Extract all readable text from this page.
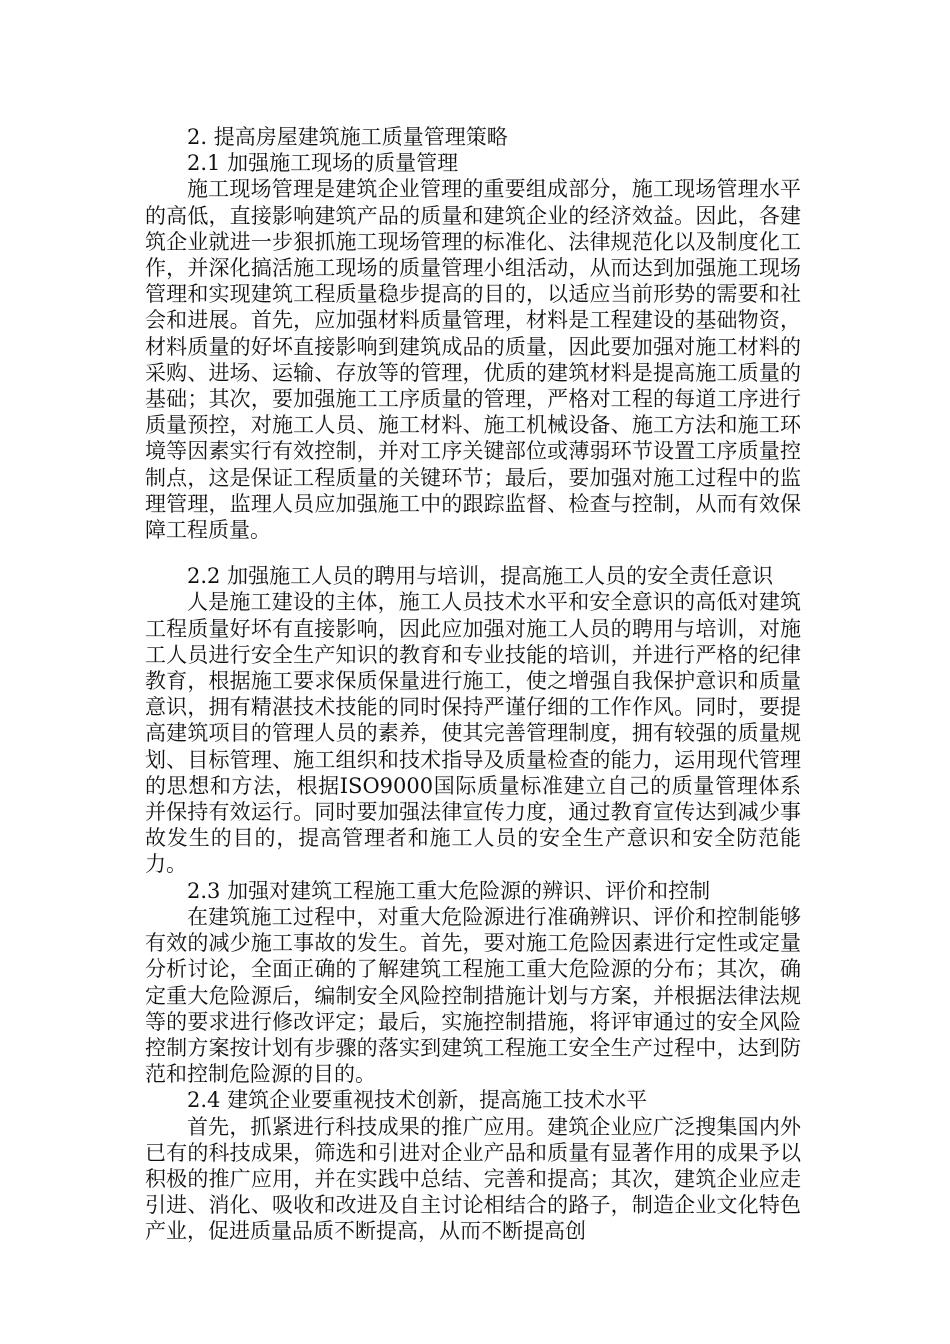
2. 提高房屋建筑施工质量管理策略

2.1 加强施工现场的质量管理

施工现场管理是建筑企业管理的重要组成部分，施工现场管理水平的高低，直接影响建筑产品的质量和建筑企业的经济效益。因此，各建筑企业就进一步狠抓施工现场管理的标准化、法律规范化以及制度化工作，并深化搞活施工现场的质量管理小组活动，从而达到加强施工现场管理和实现建筑工程质量稳步提高的目的，以适应当前形势的需要和社会和进展。首先，应加强材料质量管理，材料是工程建设的基础物资，材料质量的好坏直接影响到建筑成品的质量，因此要加强对施工材料的采购、进场、运输、存放等的管理，优质的建筑材料是提高施工质量的基础；其次，要加强施工工序质量的管理，严格对工程的每道工序进行质量预控，对施工人员、施工材料、施工机械设备、施工方法和施工环境等因素实行有效控制，并对工序关键部位或薄弱环节设置工序质量控制点，这是保证工程质量的关键环节；最后，要加强对施工过程中的监理管理，监理人员应加强施工中的跟踪监督、检查与控制，从而有效保障工程质量。

2.2 加强施工人员的聘用与培训，提高施工人员的安全责任意识

人是施工建设的主体，施工人员技术水平和安全意识的高低对建筑工程质量好坏有直接影响，因此应加强对施工人员的聘用与培训，对施工人员进行安全生产知识的教育和专业技能的培训，并进行严格的纪律教育，根据施工要求保质保量进行施工，使之增强自我保护意识和质量意识，拥有精湛技术技能的同时保持严谨仔细的工作作风。同时，要提高建筑项目的管理人员的素养，使其完善管理制度，拥有较强的质量规划、目标管理、施工组织和技术指导及质量检查的能力，运用现代管理的思想和方法，根据ISO9000国际质量标准建立自己的质量管理体系并保持有效运行。同时要加强法律宣传力度，通过教育宣传达到减少事故发生的目的，提高管理者和施工人员的安全生产意识和安全防范能力。

2.3 加强对建筑工程施工重大危险源的辨识、评价和控制

在建筑施工过程中，对重大危险源进行准确辨识、评价和控制能够有效的减少施工事故的发生。首先，要对施工危险因素进行定性或定量分析讨论，全面正确的了解建筑工程施工重大危险源的分布；其次，确定重大危险源后，编制安全风险控制措施计划与方案，并根据法律法规等的要求进行修改评定；最后，实施控制措施，将评审通过的安全风险控制方案按计划有步骤的落实到建筑工程施工安全生产过程中，达到防范和控制危险源的目的。

2.4 建筑企业要重视技术创新，提高施工技术水平

首先，抓紧进行科技成果的推广应用。建筑企业应广泛搜集国内外已有的科技成果，筛选和引进对企业产品和质量有显著作用的成果予以积极的推广应用，并在实践中总结、完善和提高；其次，建筑企业应走引进、消化、吸收和改进及自主讨论相结合的路子，制造企业文化特色产业，促进质量品质不断提高，从而不断提高创
